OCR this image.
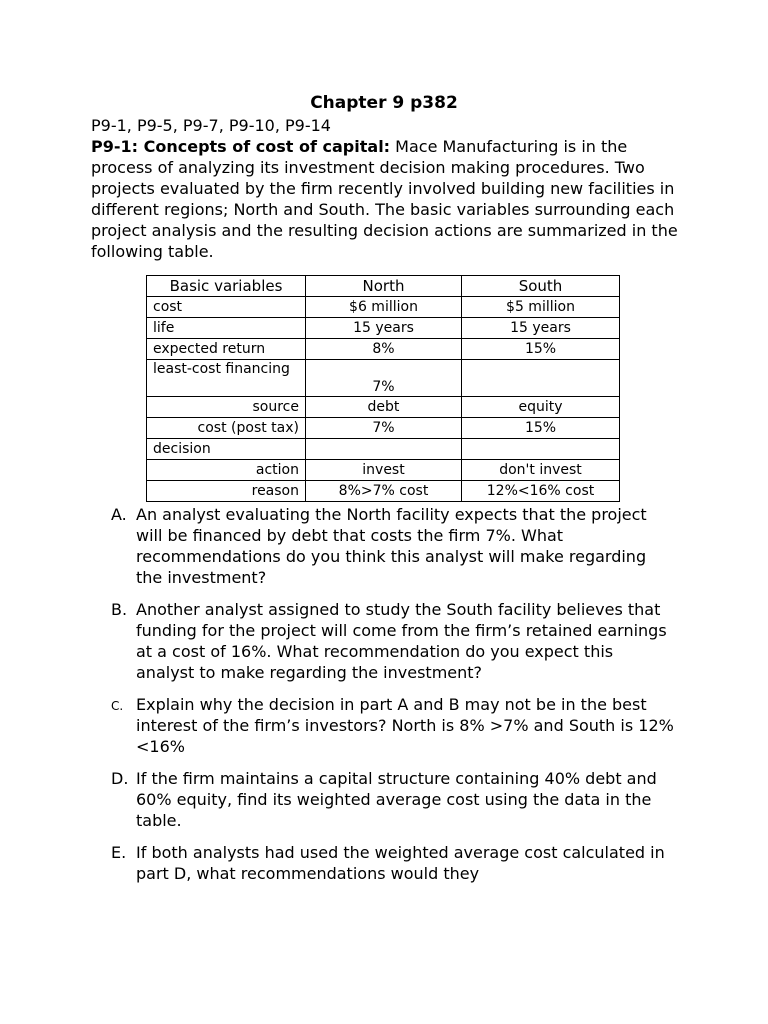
Chapter 9 p382
P9-1, P9-5, P9-7, P9-10, P9-14
P9-1: Concepts of cost of capital: Mace Manufacturing is in the process of analyzing its investment decision making procedures. Two projects evaluated by the firm recently involved building new facilities in different regions; North and South. The basic variables surrounding each project analysis and the resulting decision actions are summarized in the following table.
Basic variables	North	South
cost	$6 million	$5 million
life	15 years	15 years
expected return	8%	15%
least-cost financing	7%	
source	debt	equity
cost (post tax)	7%	15%
decision		
action	invest	don't invest
reason	8%>7% cost	12%<16% cost
A. An analyst evaluating the North facility expects that the project will be financed by debt that costs the firm 7%. What recommendations do you think this analyst will make regarding the investment?
B. Another analyst assigned to study the South facility believes that funding for the project will come from the firm’s retained earnings at a cost of 16%. What recommendation do you expect this analyst to make regarding the investment?
C. Explain why the decision in part A and B may not be in the best interest of the firm’s investors? North is 8% >7% and South is 12%<16%
D. If the firm maintains a capital structure containing 40% debt and 60% equity, find its weighted average cost using the data in the table.
E. If both analysts had used the weighted average cost calculated in part D, what recommendations would they
